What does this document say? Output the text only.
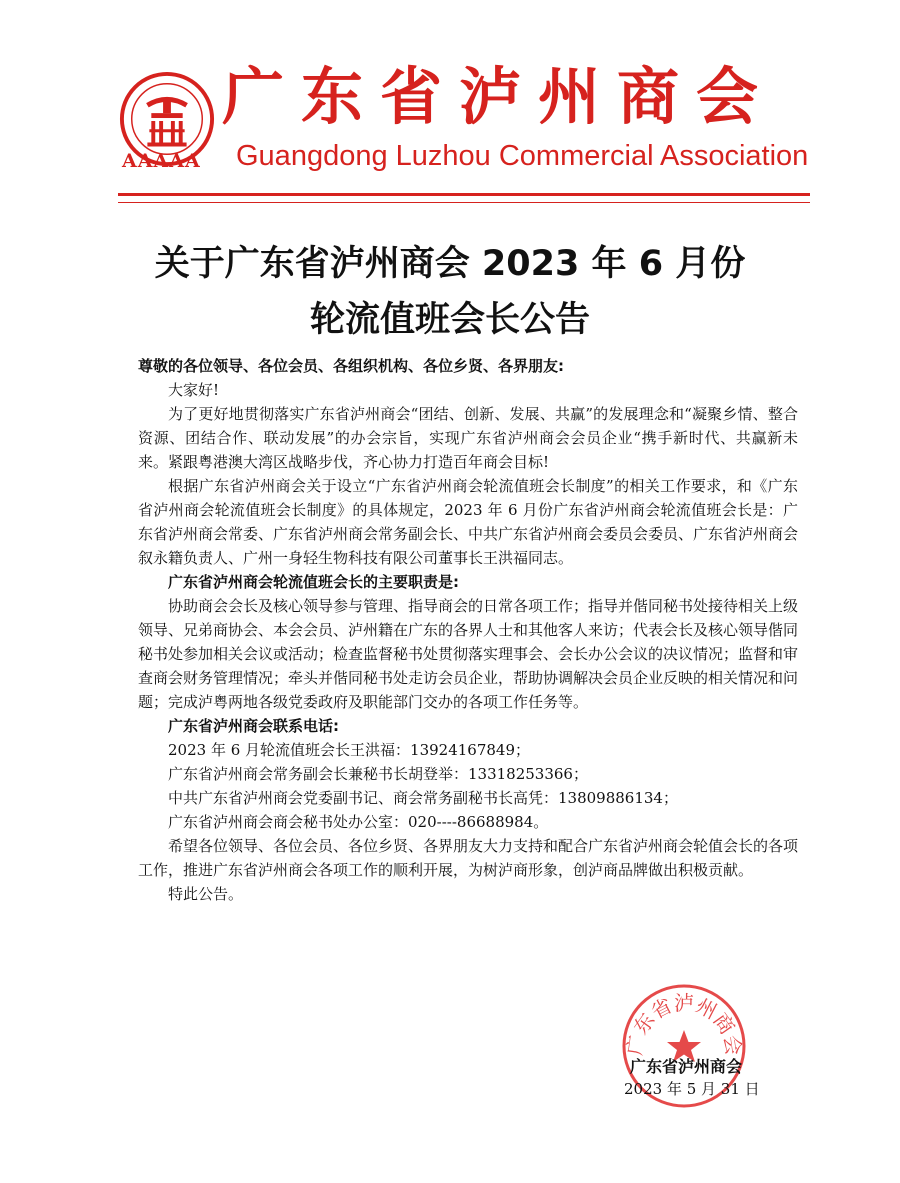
AAAAA
广东省泸州商会
Guangdong Luzhou Commercial Association
关于广东省泸州商会 2023 年 6 月份
轮流值班会长公告

尊敬的各位领导、各位会员、各组织机构、各位乡贤、各界朋友:

大家好!

为了更好地贯彻落实广东省泸州商会“团结、创新、发展、共赢”的发展理念和“凝聚乡情、整合资源、团结合作、联动发展”的办会宗旨，实现广东省泸州商会会员企业“携手新时代、共赢新未来。紧跟粤港澳大湾区战略步伐，齐心协力打造百年商会目标!

根据广东省泸州商会关于设立“广东省泸州商会轮流值班会长制度”的相关工作要求，和《广东省泸州商会轮流值班会长制度》的具体规定，2023 年 6 月份广东省泸州商会轮流值班会长是：广东省泸州商会常委、广东省泸州商会常务副会长、中共广东省泸州商会委员会委员、广东省泸州商会叙永籍负责人、广州一身轻生物科技有限公司董事长王洪福同志。

广东省泸州商会轮流值班会长的主要职责是:

协助商会会长及核心领导参与管理、指导商会的日常各项工作；指导并偕同秘书处接待相关上级领导、兄弟商协会、本会会员、泸州籍在广东的各界人士和其他客人来访；代表会长及核心领导偕同秘书处参加相关会议或活动；检查监督秘书处贯彻落实理事会、会长办公会议的决议情况；监督和审查商会财务管理情况；牵头并偕同秘书处走访会员企业，帮助协调解决会员企业反映的相关情况和问题；完成泸粤两地各级党委政府及职能部门交办的各项工作任务等。

广东省泸州商会联系电话:

2023 年 6 月轮流值班会长王洪福：13924167849；

广东省泸州商会常务副会长兼秘书长胡登举：13318253366；

中共广东省泸州商会党委副书记、商会常务副秘书长高凭：13809886134；

广东省泸州商会商会秘书处办公室：020----86688984。

希望各位领导、各位会员、各位乡贤、各界朋友大力支持和配合广东省泸州商会轮值会长的各项工作，推进广东省泸州商会各项工作的顺利开展，为树泸商形象，创泸商品牌做出积极贡献。

特此公告。

广东省泸州商会
广东省泸州商会
2023 年 5 月 31 日
